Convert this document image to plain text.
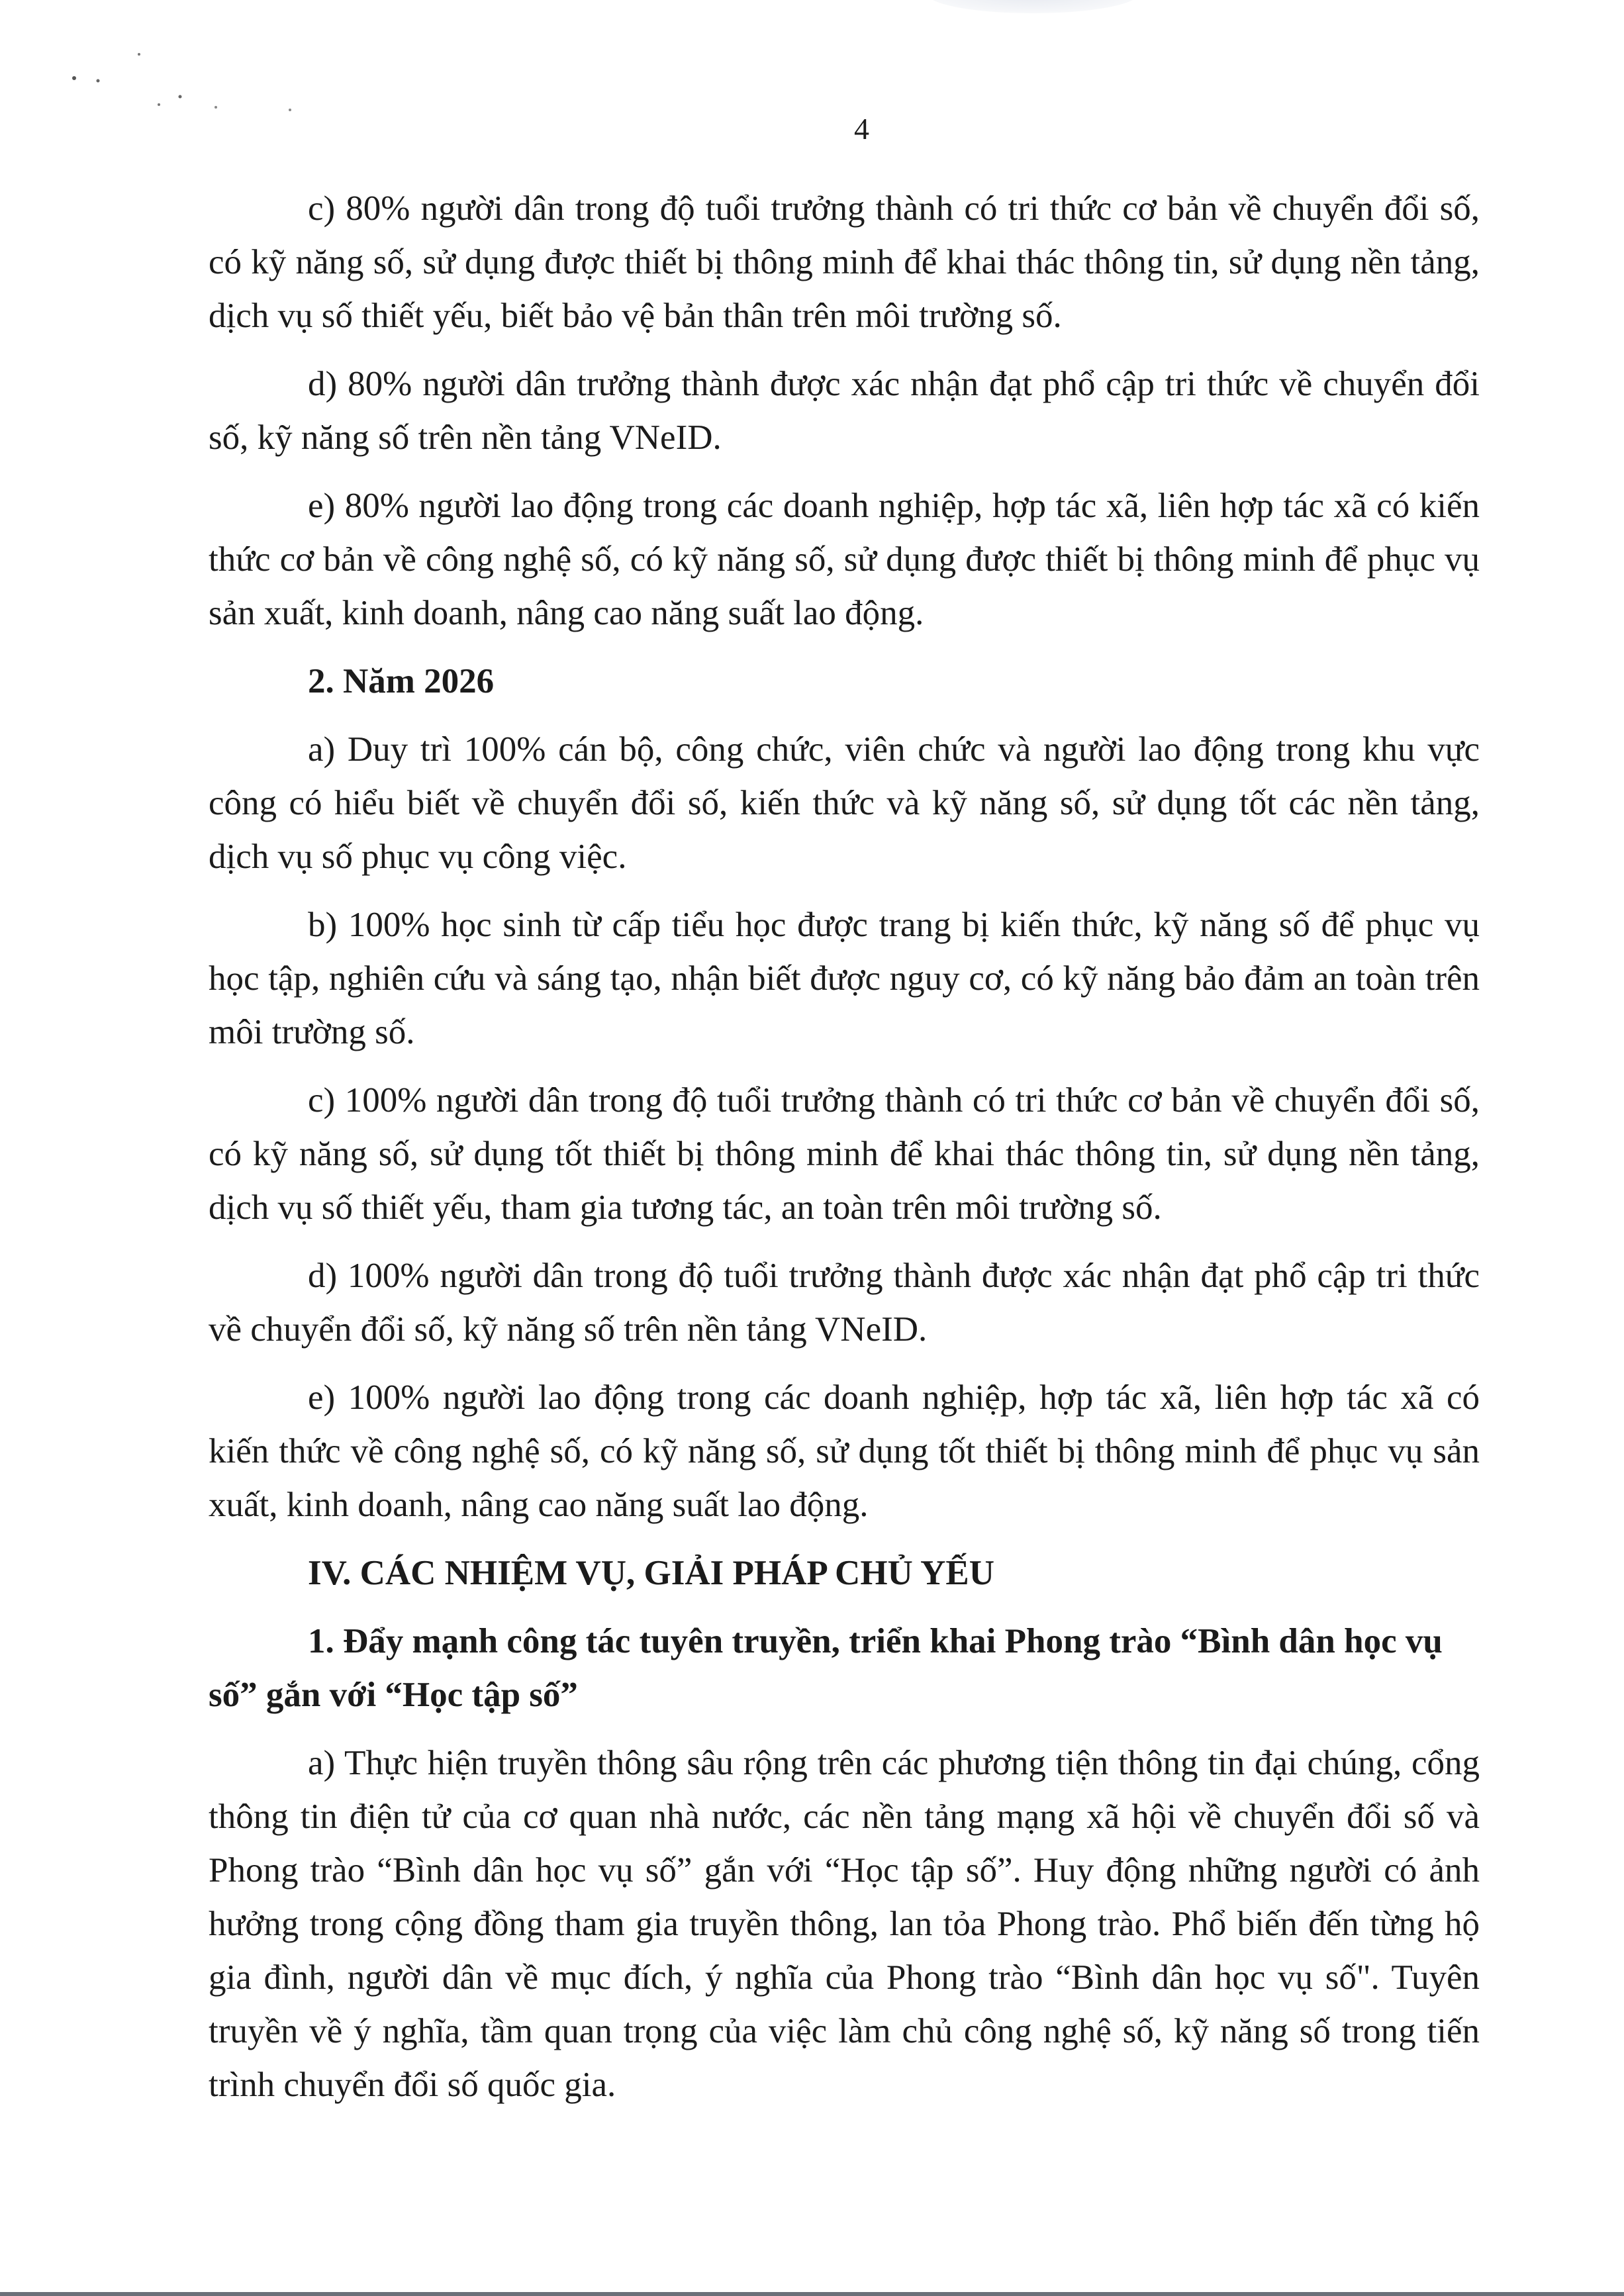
4

c) 80% người dân trong độ tuổi trưởng thành có tri thức cơ bản về chuyển đổi số, có kỹ năng số, sử dụng được thiết bị thông minh để khai thác thông tin, sử dụng nền tảng, dịch vụ số thiết yếu, biết bảo vệ bản thân trên môi trường số.

d) 80% người dân trưởng thành được xác nhận đạt phổ cập tri thức về chuyển đổi số, kỹ năng số trên nền tảng VNeID.

e) 80% người lao động trong các doanh nghiệp, hợp tác xã, liên hợp tác xã có kiến thức cơ bản về công nghệ số, có kỹ năng số, sử dụng được thiết bị thông minh để phục vụ sản xuất, kinh doanh, nâng cao năng suất lao động.

2. Năm 2026

a) Duy trì 100% cán bộ, công chức, viên chức và người lao động trong khu vực công có hiểu biết về chuyển đổi số, kiến thức và kỹ năng số, sử dụng tốt các nền tảng, dịch vụ số phục vụ công việc.

b) 100% học sinh từ cấp tiểu học được trang bị kiến thức, kỹ năng số để phục vụ học tập, nghiên cứu và sáng tạo, nhận biết được nguy cơ, có kỹ năng bảo đảm an toàn trên môi trường số.

c) 100% người dân trong độ tuổi trưởng thành có tri thức cơ bản về chuyển đổi số, có kỹ năng số, sử dụng tốt thiết bị thông minh để khai thác thông tin, sử dụng nền tảng, dịch vụ số thiết yếu, tham gia tương tác, an toàn trên môi trường số.

d) 100% người dân trong độ tuổi trưởng thành được xác nhận đạt phổ cập tri thức về chuyển đổi số, kỹ năng số trên nền tảng VNeID.

e) 100% người lao động trong các doanh nghiệp, hợp tác xã, liên hợp tác xã có kiến thức về công nghệ số, có kỹ năng số, sử dụng tốt thiết bị thông minh để phục vụ sản xuất, kinh doanh, nâng cao năng suất lao động.

IV. CÁC NHIỆM VỤ, GIẢI PHÁP CHỦ YẾU

1. Đẩy mạnh công tác tuyên truyền, triển khai Phong trào “Bình dân học vụ số” gắn với “Học tập số”

a) Thực hiện truyền thông sâu rộng trên các phương tiện thông tin đại chúng, cổng thông tin điện tử của cơ quan nhà nước, các nền tảng mạng xã hội về chuyển đổi số và Phong trào “Bình dân học vụ số” gắn với “Học tập số”. Huy động những người có ảnh hưởng trong cộng đồng tham gia truyền thông, lan tỏa Phong trào. Phổ biến đến từng hộ gia đình, người dân về mục đích, ý nghĩa của Phong trào “Bình dân học vụ số". Tuyên truyền về ý nghĩa, tầm quan trọng của việc làm chủ công nghệ số, kỹ năng số trong tiến trình chuyển đổi số quốc gia.
